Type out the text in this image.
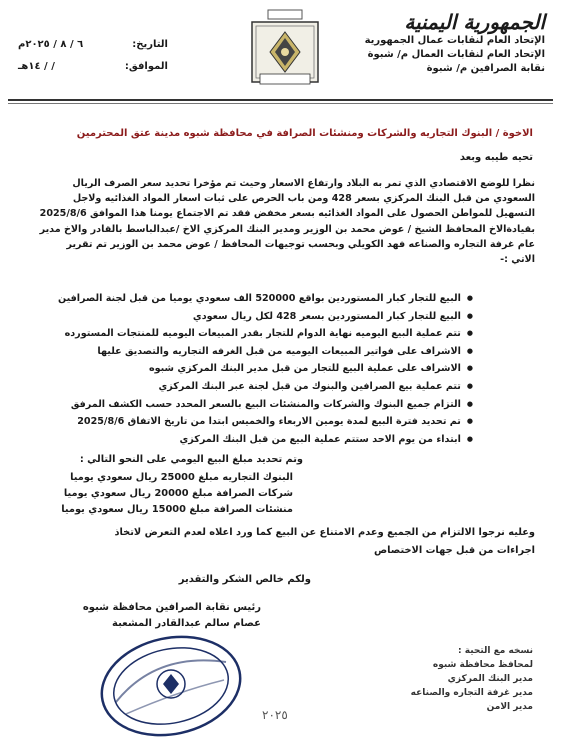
الجمهورية اليمنية
الإتحاد العام لنقابات عمال الجمهورية
الإتحاد العام لنقابات العمال م/ شبوة
نقابة الصرافين م/ شبوة
التاريخ:
٦ / ٨ / ٢٠٢٥م
الموافق:
/ / ١٤هـ
الاخوة / البنوك التجاريه والشركات ومنشئات الصرافة في محافظة شبوه مدينة عتق المحترمين
تحيه طيبه وبعد
نظرا للوضع الاقتصادي الذي تمر به البلاد وارتفاع الاسعار وحيث تم مؤخرا تحديد سعر الصرف الريال
السعودي من قبل البنك المركزي بسعر 428 ومن باب الحرص على ثبات اسعار المواد الغذائيه ولاجل
التسهيل للمواطن الحصول على المواد الغذائيه بسعر مخفض فقد تم الاجتماع يومنا هذا الموافق 2025/8/6
بقيادةالاخ المحافظ الشيخ / عوض محمد بن الوزير ومدير البنك المركزي الاخ /عبدالباسط بالقادر والاخ مدير
عام غرفة التجاره والصناعه فهد الكويلي وبحسب توجيهات المحافظ / عوض محمد بن الوزير تم تقرير
الاتي :-
● البيع للتجار كبار المستوردين بواقع 520000 الف سعودي يوميا من قبل لجنة الصرافين
● البيع للتجار كبار المستوردين بسعر 428 لكل ريال سعودي
● تتم عملية البيع اليوميه نهاية الدوام للتجار بقدر المبيعات اليوميه للمنتجات المستورده
● الاشراف على فواتير المبيعات اليوميه من قبل الغرفه التجاريه والتصديق عليها
● الاشراف على عملية البيع للتجار من قبل مدير البنك المركزي شبوه
● تتم عملية بيع الصرافين والبنوك من قبل لجنة عبر البنك المركزي
● التزام جميع البنوك والشركات والمنشئات البيع بالسعر المحدد حسب الكشف المرفق
● تم تحديد فترة البيع لمدة يومين الاربعاء والخميس ابتدا من تاريخ الاتفاق 2025/8/6
● ابتداء من يوم الاحد ستتم عملية البيع من قبل البنك المركزي
وتم تحديد مبلغ البيع اليومي على النحو التالي :
البنوك التجاريه مبلغ 25000 ريال سعودي يوميا
شركات الصرافة مبلغ 20000 ريال سعودي يوميا
منشئات الصرافة مبلغ 15000 ريال سعودي يوميا
وعليه نرجوا الالتزام من الجميع وعدم الامتناع عن البيع كما ورد اعلاه لعدم التعرض لاتخاذ
اجراءات من قبل جهات الاختصاص
ولكم خالص الشكر والتقدير
رئيس نقابة الصرافين محافظة شبوه
عصام سالم عبدالقادر المشعبة
نسخه مع التحية :
لمحافظ محافظة شبوه
مدير البنك المركزي
مدير غرفة التجاره والصناعه
مدير الامن
٢٠٢٥
